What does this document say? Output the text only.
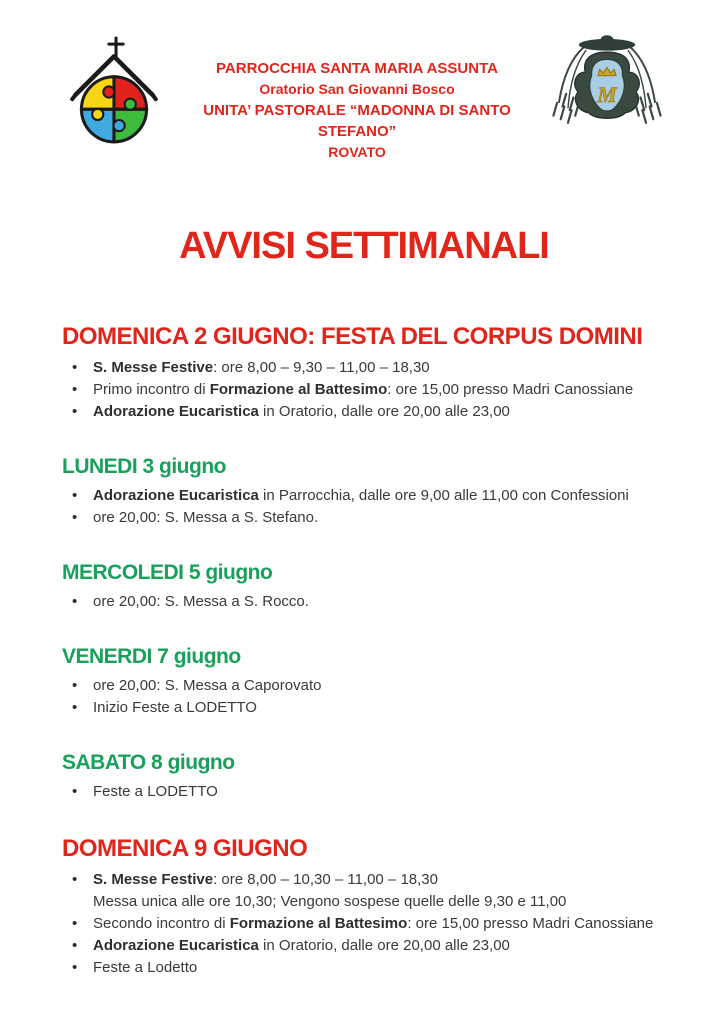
PARROCCHIA SANTA MARIA ASSUNTA
Oratorio San Giovanni Bosco
UNITA’ PASTORALE “MADONNA DI SANTO STEFANO”
ROVATO
M
AVVISI SETTIMANALI
DOMENICA 2 GIUGNO: FESTA DEL CORPUS DOMINI
• S. Messe Festive: ore 8,00 – 9,30 – 11,00 – 18,30
• Primo incontro di Formazione al Battesimo: ore 15,00 presso Madri Canossiane
• Adorazione Eucaristica in Oratorio, dalle ore 20,00 alle 23,00
LUNEDI 3 giugno
• Adorazione Eucaristica in Parrocchia, dalle ore 9,00 alle 11,00 con Confessioni
• ore 20,00: S. Messa a S. Stefano.
MERCOLEDI 5 giugno
• ore 20,00: S. Messa a S. Rocco.
VENERDI 7 giugno
• ore 20,00: S. Messa a Caporovato
• Inizio Feste a LODETTO
SABATO 8 giugno
• Feste a LODETTO
DOMENICA 9 GIUGNO
• S. Messe Festive: ore 8,00 – 10,30 – 11,00 – 18,30
Messa unica alle ore 10,30; Vengono sospese quelle delle 9,30 e 11,00
• Secondo incontro di Formazione al Battesimo: ore 15,00 presso Madri Canossiane
• Adorazione Eucaristica in Oratorio, dalle ore 20,00 alle 23,00
• Feste a Lodetto
